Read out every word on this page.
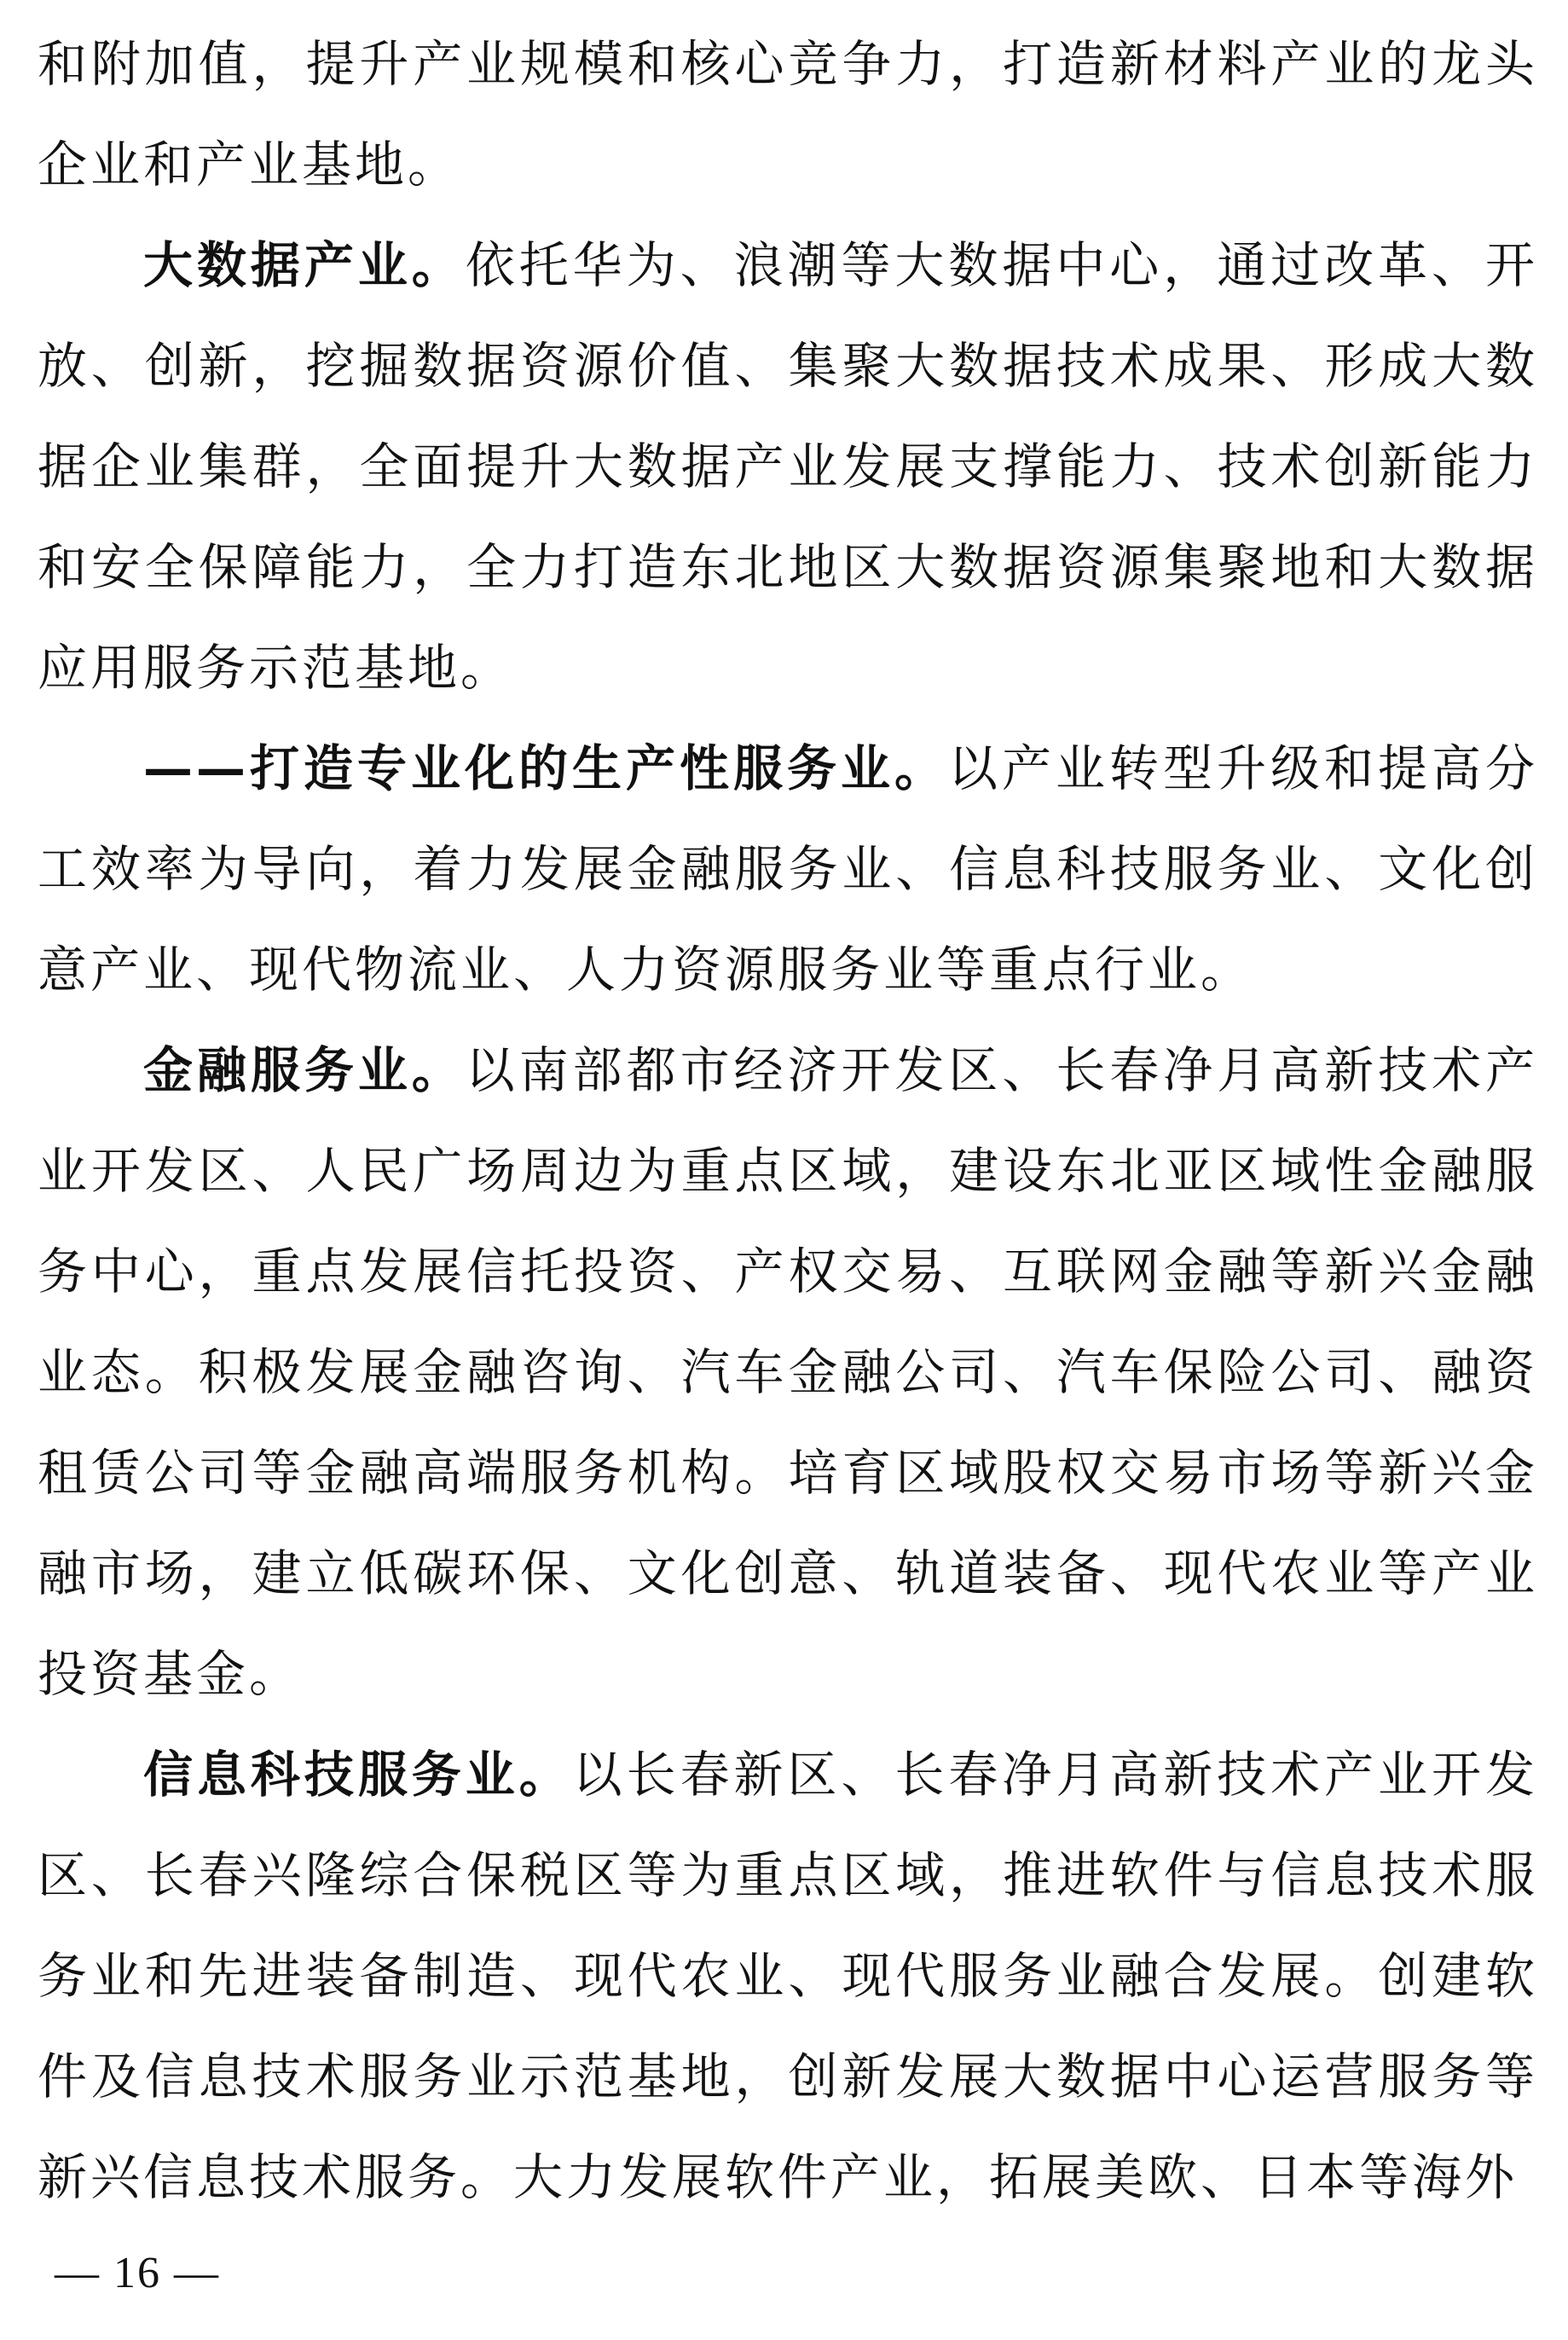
和附加值，提升产业规模和核心竞争力，打造新材料产业的龙头企业和产业基地。

大数据产业。依托华为、浪潮等大数据中心，通过改革、开放、创新，挖掘数据资源价值、集聚大数据技术成果、形成大数据企业集群，全面提升大数据产业发展支撑能力、技术创新能力和安全保障能力，全力打造东北地区大数据资源集聚地和大数据应用服务示范基地。

——打造专业化的生产性服务业。以产业转型升级和提高分工效率为导向，着力发展金融服务业、信息科技服务业、文化创意产业、现代物流业、人力资源服务业等重点行业。

金融服务业。以南部都市经济开发区、长春净月高新技术产业开发区、人民广场周边为重点区域，建设东北亚区域性金融服务中心，重点发展信托投资、产权交易、互联网金融等新兴金融业态。积极发展金融咨询、汽车金融公司、汽车保险公司、融资租赁公司等金融高端服务机构。培育区域股权交易市场等新兴金融市场，建立低碳环保、文化创意、轨道装备、现代农业等产业投资基金。

信息科技服务业。以长春新区、长春净月高新技术产业开发区、长春兴隆综合保税区等为重点区域，推进软件与信息技术服务业和先进装备制造、现代农业、现代服务业融合发展。创建软件及信息技术服务业示范基地，创新发展大数据中心运营服务等新兴信息技术服务。大力发展软件产业，拓展美欧、日本等海外

— 16 —
